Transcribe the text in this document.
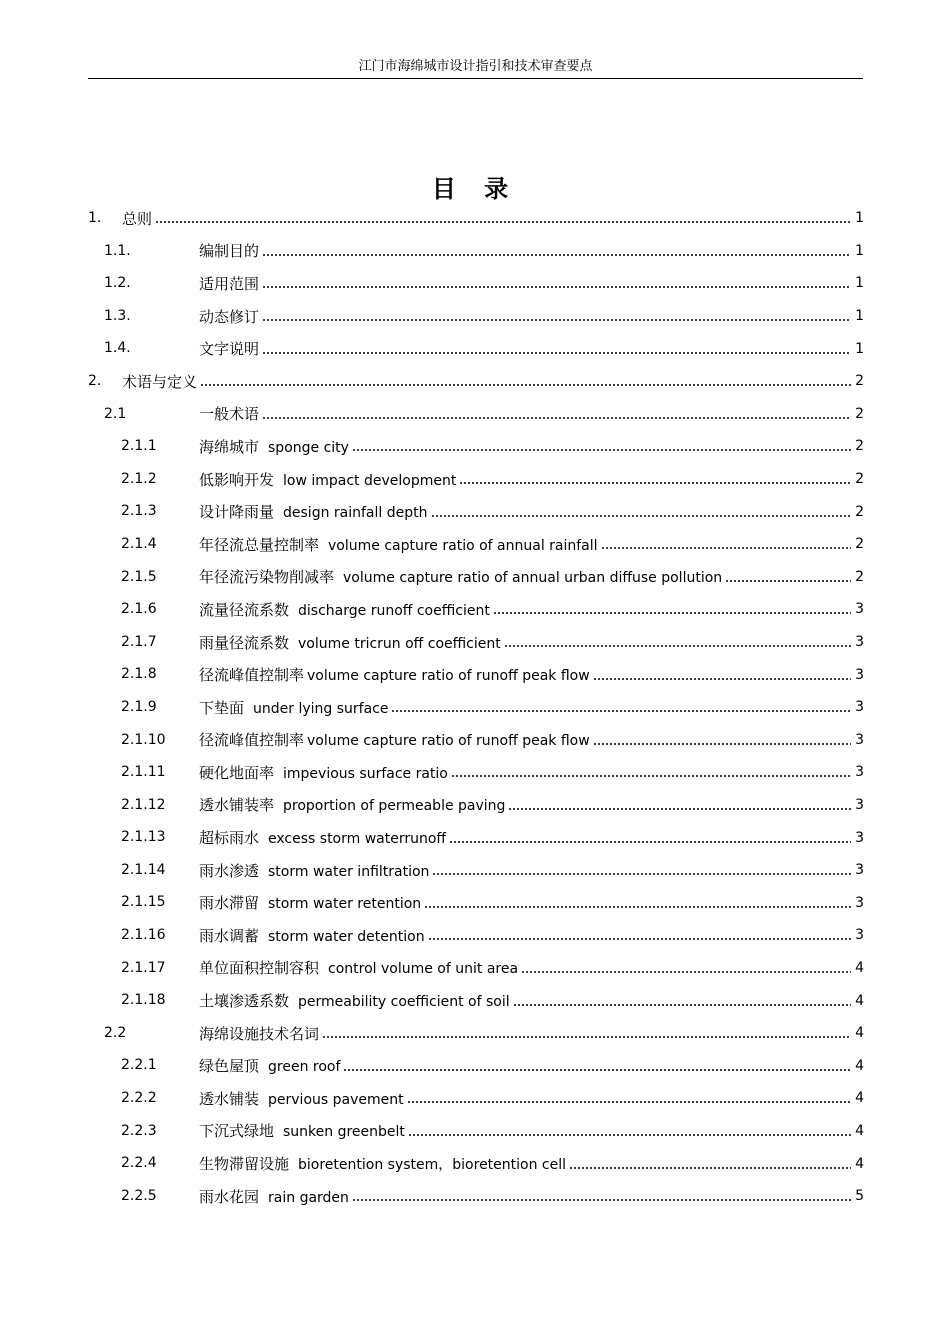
江门市海绵城市设计指引和技术审查要点
目 录
1. 总则	1
1.1.	编制目的	1
1.2.	适用范围	1
1.3.	动态修订	1
1.4.	文字说明	1
2. 术语与定义	2
2.1	一般术语	2
2.1.1	海绵城市 sponge city	2
2.1.2	低影响开发 low impact development	2
2.1.3	设计降雨量 design rainfall depth	2
2.1.4	年径流总量控制率 volume capture ratio of annual rainfall	2
2.1.5	年径流污染物削减率 volume capture ratio of annual urban diffuse pollution	2
2.1.6	流量径流系数 discharge runoff coefficient	3
2.1.7	雨量径流系数 volume tricrun off coefficient	3
2.1.8	径流峰值控制率 volume capture ratio of runoff peak flow	3
2.1.9	下垫面 under lying surface	3
2.1.10 径流峰值控制率 volume capture ratio of runoff peak flow	3
2.1.11 硬化地面率 impevious surface ratio	3
2.1.12 透水铺装率 proportion of permeable paving	3
2.1.13 超标雨水 excess storm waterrunoff	3
2.1.14 雨水渗透 storm water infiltration	3
2.1.15 雨水滞留 storm water retention	3
2.1.16 雨水调蓄 storm water detention	3
2.1.17 单位面积控制容积 control volume of unit area	4
2.1.18 土壤渗透系数 permeability coefficient of soil	4
2.2	海绵设施技术名词	4
2.2.1	绿色屋顶 green roof	4
2.2.2	透水铺装 pervious pavement	4
2.2.3	下沉式绿地 sunken greenbelt	4
2.2.4	生物滞留设施 bioretention system，bioretention cell	4
2.2.5	雨水花园 rain garden	5
